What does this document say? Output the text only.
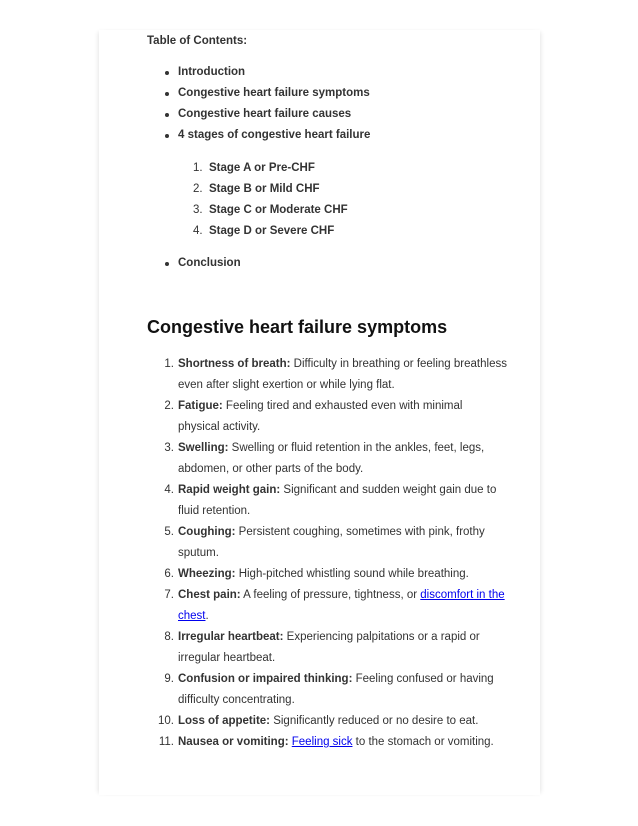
Table of Contents:

Introduction
Congestive heart failure symptoms
Congestive heart failure causes
4 stages of congestive heart failure
1. Stage A or Pre-CHF
2. Stage B or Mild CHF
3. Stage C or Moderate CHF
4. Stage D or Severe CHF
Conclusion
Congestive heart failure symptoms
1. Shortness of breath: Difficulty in breathing or feeling breathless even after slight exertion or while lying flat.
2. Fatigue: Feeling tired and exhausted even with minimal physical activity.
3. Swelling: Swelling or fluid retention in the ankles, feet, legs, abdomen, or other parts of the body.
4. Rapid weight gain: Significant and sudden weight gain due to fluid retention.
5. Coughing: Persistent coughing, sometimes with pink, frothy sputum.
6. Wheezing: High-pitched whistling sound while breathing.
7. Chest pain: A feeling of pressure, tightness, or discomfort in the chest.
8. Irregular heartbeat: Experiencing palpitations or a rapid or irregular heartbeat.
9. Confusion or impaired thinking: Feeling confused or having difficulty concentrating.
10. Loss of appetite: Significantly reduced or no desire to eat.
11. Nausea or vomiting: Feeling sick to the stomach or vomiting.
